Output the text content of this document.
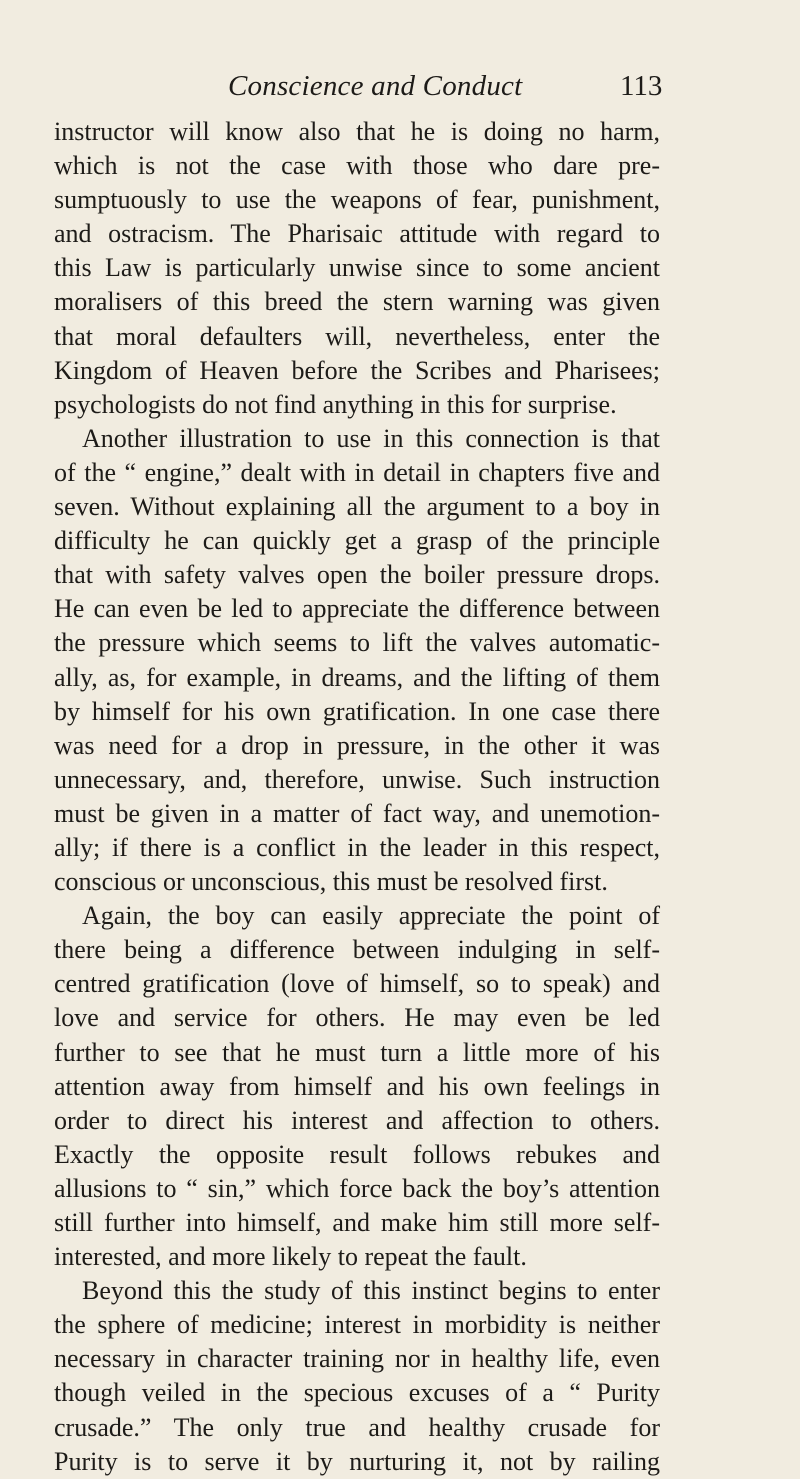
Conscience and Conduct	113
instructor will know also that he is doing no harm,
which is not the case with those who dare pre-
sumptuously to use the weapons of fear, punishment,
and ostracism. The Pharisaic attitude with regard to
this Law is particularly unwise since to some ancient
moralisers of this breed the stern warning was given
that moral defaulters will, nevertheless, enter the
Kingdom of Heaven before the Scribes and Pharisees;
psychologists do not find anything in this for surprise.
Another illustration to use in this connection is that
of the “ engine,” dealt with in detail in chapters five and
seven. Without explaining all the argument to a boy in
difficulty he can quickly get a grasp of the principle
that with safety valves open the boiler pressure drops.
He can even be led to appreciate the difference between
the pressure which seems to lift the valves automatic-
ally, as, for example, in dreams, and the lifting of them
by himself for his own gratification. In one case there
was need for a drop in pressure, in the other it was
unnecessary, and, therefore, unwise. Such instruction
must be given in a matter of fact way, and unemotion-
ally; if there is a conflict in the leader in this respect,
conscious or unconscious, this must be resolved first.
Again, the boy can easily appreciate the point of
there being a difference between indulging in self-
centred gratification (love of himself, so to speak) and
love and service for others. He may even be led
further to see that he must turn a little more of his
attention away from himself and his own feelings in
order to direct his interest and affection to others.
Exactly the opposite result follows rebukes and
allusions to “ sin,” which force back the boy’s attention
still further into himself, and make him still more self-
interested, and more likely to repeat the fault.
Beyond this the study of this instinct begins to enter
the sphere of medicine; interest in morbidity is neither
necessary in character training nor in healthy life, even
though veiled in the specious excuses of a “ Purity
crusade.” The only true and healthy crusade for
Purity is to serve it by nurturing it, not by railing
